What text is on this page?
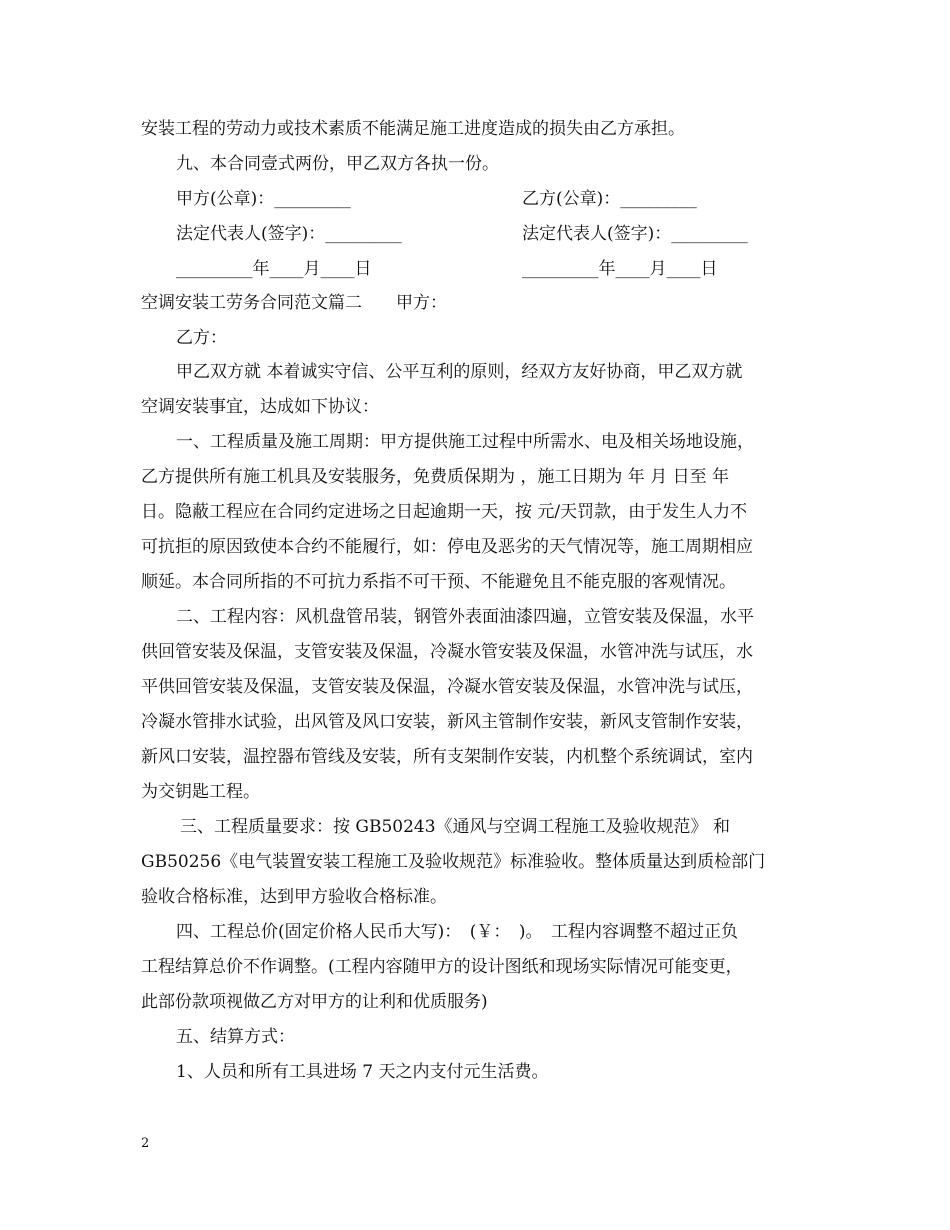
安装工程的劳动力或技术素质不能满足施工进度造成的损失由乙方承担。
九、本合同壹式两份，甲乙双方各执一份。
甲方(公章)：_________	乙方(公章)：_________
法定代表人(签字)：_________	法定代表人(签字)：_________
_________年____月____日	_________年____月____日
空调安装工劳务合同范文篇二　　甲方：
乙方：
甲乙双方就 本着诚实守信、公平互利的原则，经双方友好协商，甲乙双方就
空调安装事宜，达成如下协议：
一、工程质量及施工周期：甲方提供施工过程中所需水、电及相关场地设施，
乙方提供所有施工机具及安装服务，免费质保期为 ，施工日期为 年 月 日至 年
日。隐蔽工程应在合同约定进场之日起逾期一天，按 元/天罚款，由于发生人力不
可抗拒的原因致使本合约不能履行，如：停电及恶劣的天气情况等，施工周期相应
顺延。本合同所指的不可抗力系指不可干预、不能避免且不能克服的客观情况。
二、工程内容：风机盘管吊装，钢管外表面油漆四遍，立管安装及保温，水平
供回管安装及保温，支管安装及保温，冷凝水管安装及保温，水管冲洗与试压，水
平供回管安装及保温，支管安装及保温，冷凝水管安装及保温，水管冲洗与试压，
冷凝水管排水试验，出风管及风口安装，新风主管制作安装，新风支管制作安装，
新风口安装，温控器布管线及安装，所有支架制作安装，内机整个系统调试，室内
为交钥匙工程。
三、工程质量要求：按 GB50243《通风与空调工程施工及验收规范》 和
GB50256《电气装置安装工程施工及验收规范》标准验收。整体质量达到质检部门
验收合格标准，达到甲方验收合格标准。
四、工程总价(固定价格人民币大写)：　(￥：　)。　工程内容调整不超过正负
工程结算总价不作调整。(工程内容随甲方的设计图纸和现场实际情况可能变更，
此部份款项视做乙方对甲方的让利和优质服务)
五、结算方式：
1、人员和所有工具进场 7 天之内支付元生活费。
2
